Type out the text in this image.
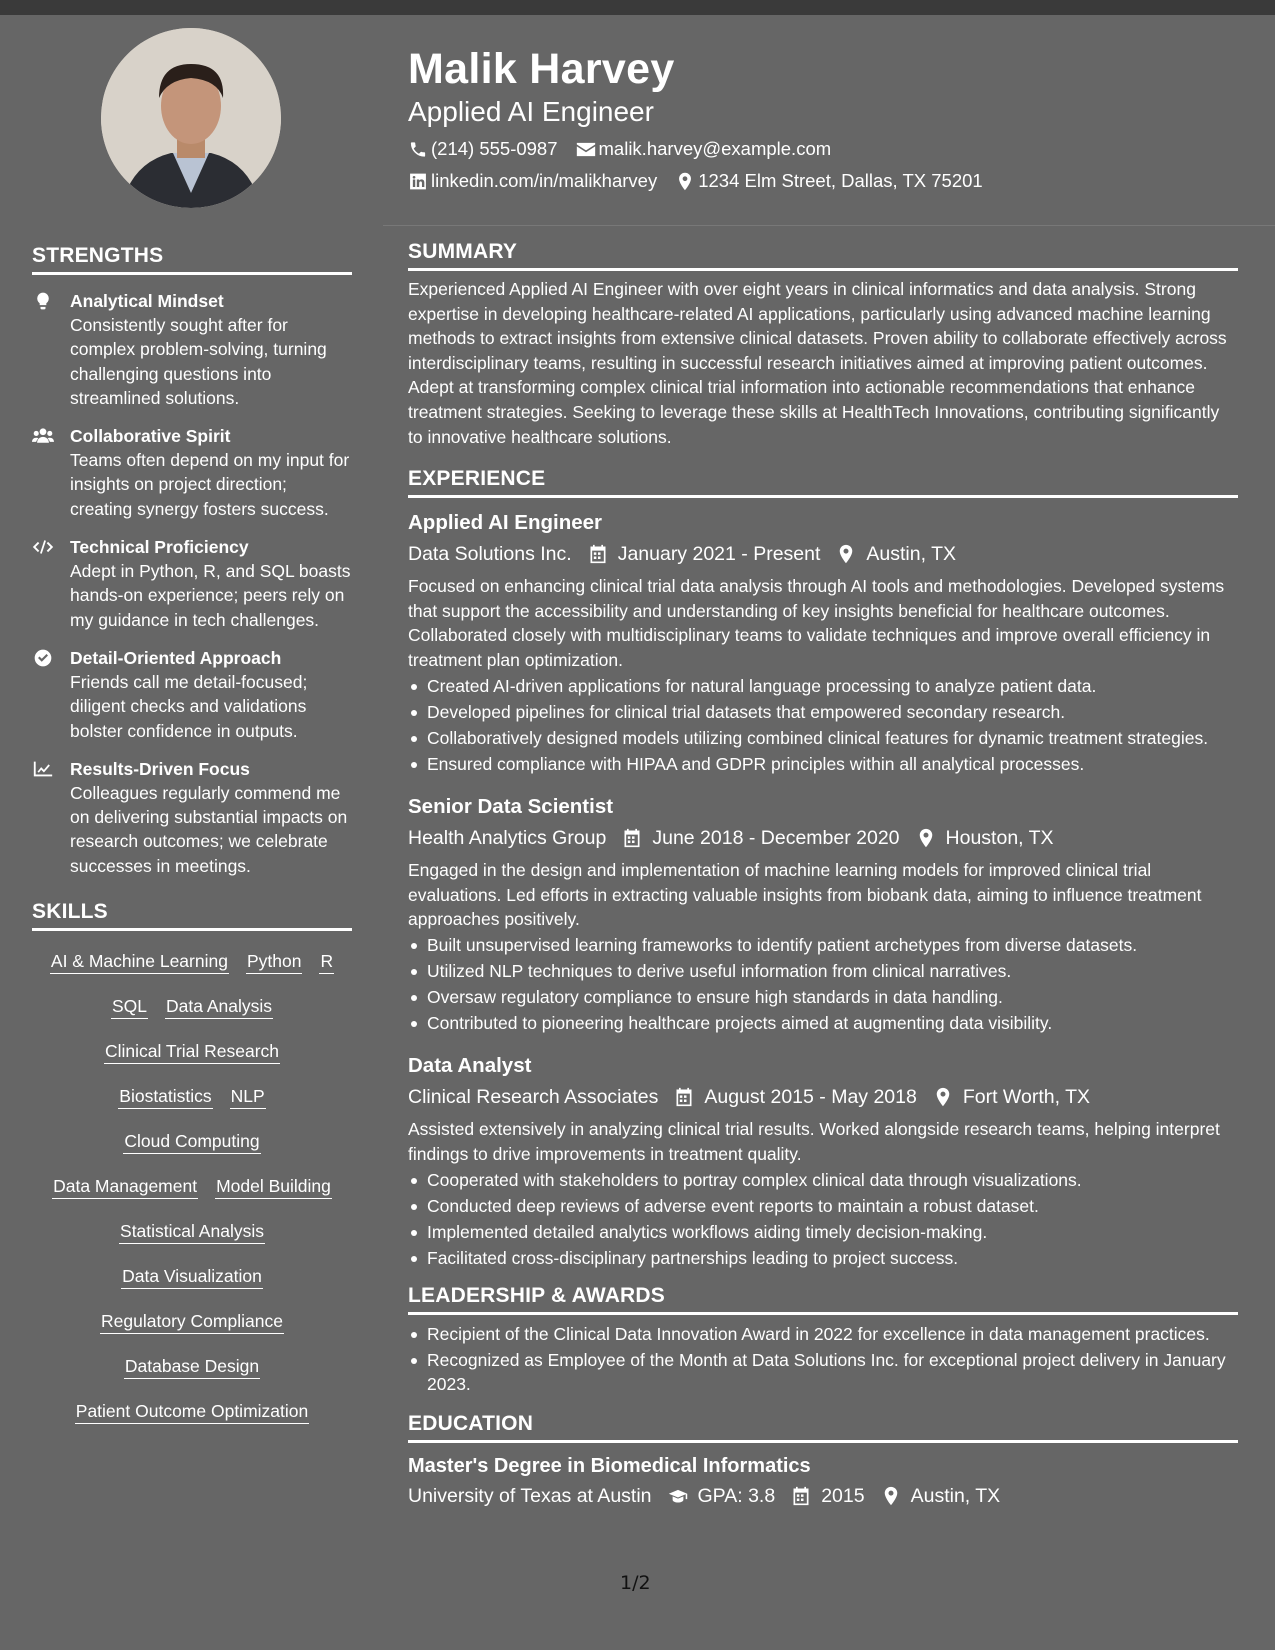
STRENGTHS
Analytical Mindset
Consistently sought after for complex problem-solving, turning challenging questions into streamlined solutions.
Collaborative Spirit
Teams often depend on my input for insights on project direction; creating synergy fosters success.
Technical Proficiency
Adept in Python, R, and SQL boasts hands-on experience; peers rely on my guidance in tech challenges.
Detail-Oriented Approach
Friends call me detail-focused; diligent checks and validations bolster confidence in outputs.
Results-Driven Focus
Colleagues regularly commend me on delivering substantial impacts on research outcomes; we celebrate successes in meetings.
SKILLS
AI & Machine Learning Python R
SQL Data Analysis
Clinical Trial Research
Biostatistics NLP
Cloud Computing
Data Management Model Building
Statistical Analysis
Data Visualization
Regulatory Compliance
Database Design
Patient Outcome Optimization
Malik Harvey
Applied AI Engineer
(214) 555-0987 malik.harvey@example.com
linkedin.com/in/malikharvey 1234 Elm Street, Dallas, TX 75201
SUMMARY
Experienced Applied AI Engineer with over eight years in clinical informatics and data analysis. Strong expertise in developing healthcare-related AI applications, particularly using advanced machine learning methods to extract insights from extensive clinical datasets. Proven ability to collaborate effectively across interdisciplinary teams, resulting in successful research initiatives aimed at improving patient outcomes. Adept at transforming complex clinical trial information into actionable recommendations that enhance treatment strategies. Seeking to leverage these skills at HealthTech Innovations, contributing significantly to innovative healthcare solutions.
EXPERIENCE
Applied AI Engineer
Data Solutions Inc. January 2021 - Present Austin, TX
Focused on enhancing clinical trial data analysis through AI tools and methodologies. Developed systems that support the accessibility and understanding of key insights beneficial for healthcare outcomes. Collaborated closely with multidisciplinary teams to validate techniques and improve overall efficiency in treatment plan optimization.
Created AI-driven applications for natural language processing to analyze patient data.
Developed pipelines for clinical trial datasets that empowered secondary research.
Collaboratively designed models utilizing combined clinical features for dynamic treatment strategies.
Ensured compliance with HIPAA and GDPR principles within all analytical processes.
Senior Data Scientist
Health Analytics Group June 2018 - December 2020 Houston, TX
Engaged in the design and implementation of machine learning models for improved clinical trial evaluations. Led efforts in extracting valuable insights from biobank data, aiming to influence treatment approaches positively.
Built unsupervised learning frameworks to identify patient archetypes from diverse datasets.
Utilized NLP techniques to derive useful information from clinical narratives.
Oversaw regulatory compliance to ensure high standards in data handling.
Contributed to pioneering healthcare projects aimed at augmenting data visibility.
Data Analyst
Clinical Research Associates August 2015 - May 2018 Fort Worth, TX
Assisted extensively in analyzing clinical trial results. Worked alongside research teams, helping interpret findings to drive improvements in treatment quality.
Cooperated with stakeholders to portray complex clinical data through visualizations.
Conducted deep reviews of adverse event reports to maintain a robust dataset.
Implemented detailed analytics workflows aiding timely decision-making.
Facilitated cross-disciplinary partnerships leading to project success.
LEADERSHIP & AWARDS
Recipient of the Clinical Data Innovation Award in 2022 for excellence in data management practices.
Recognized as Employee of the Month at Data Solutions Inc. for exceptional project delivery in January 2023.
EDUCATION
Master's Degree in Biomedical Informatics
University of Texas at Austin GPA: 3.8 2015 Austin, TX
1/2
